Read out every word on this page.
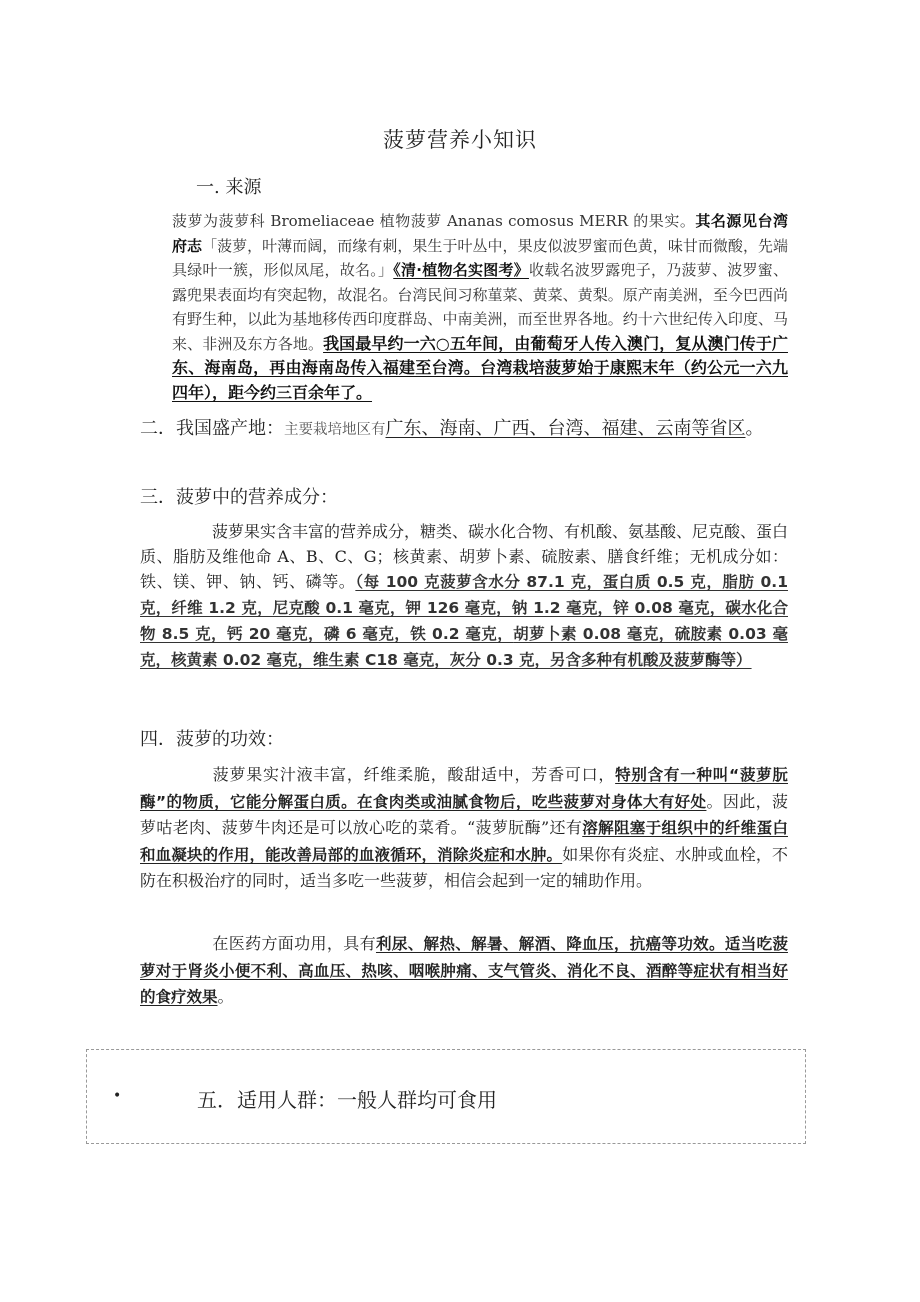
菠萝营养小知识
一. 来源
菠萝为菠萝科 Bromeliaceae 植物菠萝 Ananas comosus MERR 的果实。其名源见台湾府志「菠萝，叶薄而阔，而缘有刺，果生于叶丛中，果皮似波罗蜜而色黄，味甘而微酸，先端具绿叶一簇，形似凤尾，故名。」《清·植物名实图考》收载名波罗露兜子，乃菠萝、波罗蜜、露兜果表面均有突起物，故混名。台湾民间习称菫菜、黄菜、黄梨。原产南美洲，至今巴西尚有野生种，以此为基地移传西印度群岛、中南美洲，而至世界各地。约十六世纪传入印度、马来、非洲及东方各地。我国最早约一六○五年间，由葡萄牙人传入澳门，复从澳门传于广东、海南岛，再由海南岛传入福建至台湾。台湾栽培菠萝始于康熙末年（约公元一六九四年），距今约三百余年了。
二．我国盛产地：主要栽培地区有广东、海南、广西、台湾、福建、云南等省区。
三．菠萝中的营养成分：
菠萝果实含丰富的营养成分，糖类、碳水化合物、有机酸、氨基酸、尼克酸、蛋白质、脂肪及维他命 A、B、C、G；核黄素、胡萝卜素、硫胺素、膳食纤维；无机成分如：铁、镁、钾、钠、钙、磷等。（每 100 克菠萝含水分 87.1 克，蛋白质 0.5 克，脂肪 0.1 克，纤维 1.2 克，尼克酸 0.1 毫克，钾 126 毫克，钠 1.2 毫克，锌 0.08 毫克，碳水化合物 8.5 克，钙 20 毫克，磷 6 毫克，铁 0.2 毫克，胡萝卜素 0.08 毫克，硫胺素 0.03 毫克，核黄素 0.02 毫克，维生素 C18 毫克，灰分 0.3 克，另含多种有机酸及菠萝酶等）
四．菠萝的功效：
菠萝果实汁液丰富，纤维柔脆，酸甜适中，芳香可口，特别含有一种叫“菠萝朊酶”的物质，它能分解蛋白质。在食肉类或油腻食物后，吃些菠萝对身体大有好处。因此，菠萝咕老肉、菠萝牛肉还是可以放心吃的菜肴。“菠萝朊酶”还有溶解阻塞于组织中的纤维蛋白和血凝块的作用，能改善局部的血液循环，消除炎症和水肿。如果你有炎症、水肿或血栓，不防在积极治疗的同时，适当多吃一些菠萝，相信会起到一定的辅助作用。
在医药方面功用，具有利尿、解热、解暑、解酒、降血压，抗癌等功效。适当吃菠萝对于肾炎小便不利、高血压、热咳、咽喉肿痛、支气管炎、消化不良、酒醉等症状有相当好的食疗效果。
•	五．适用人群：一般人群均可食用
